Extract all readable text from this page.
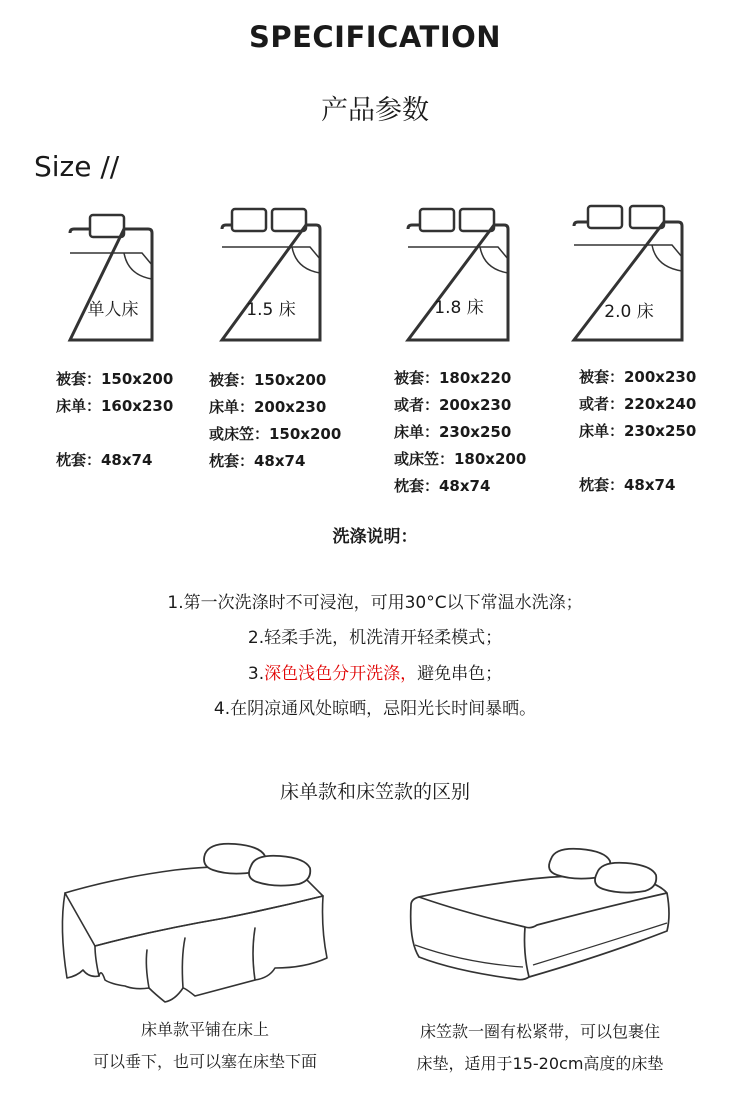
SPECIFICATION
产品参数
Size //
单人床	1.5 床	1.8 床	2.0 床
被套：150x200
床单：160x230
枕套：48x74
被套：150x200
床单：200x230
或床笠：150x200
枕套：48x74
被套：180x220
或者：200x230
床单：230x250
或床笠：180x200
枕套：48x74
被套：200x230
或者：220x240
床单：230x250
枕套：48x74
洗涤说明：
1.第一次洗涤时不可浸泡，可用30°C以下常温水洗涤；
2.轻柔手洗，机洗清开轻柔模式；
3.深色浅色分开洗涤，避免串色；
4.在阴凉通风处晾晒，忌阳光长时间暴晒。
床单款和床笠款的区别
床单款平铺在床上
可以垂下，也可以塞在床垫下面
床笠款一圈有松紧带，可以包裹住
床垫，适用于15-20cm高度的床垫
